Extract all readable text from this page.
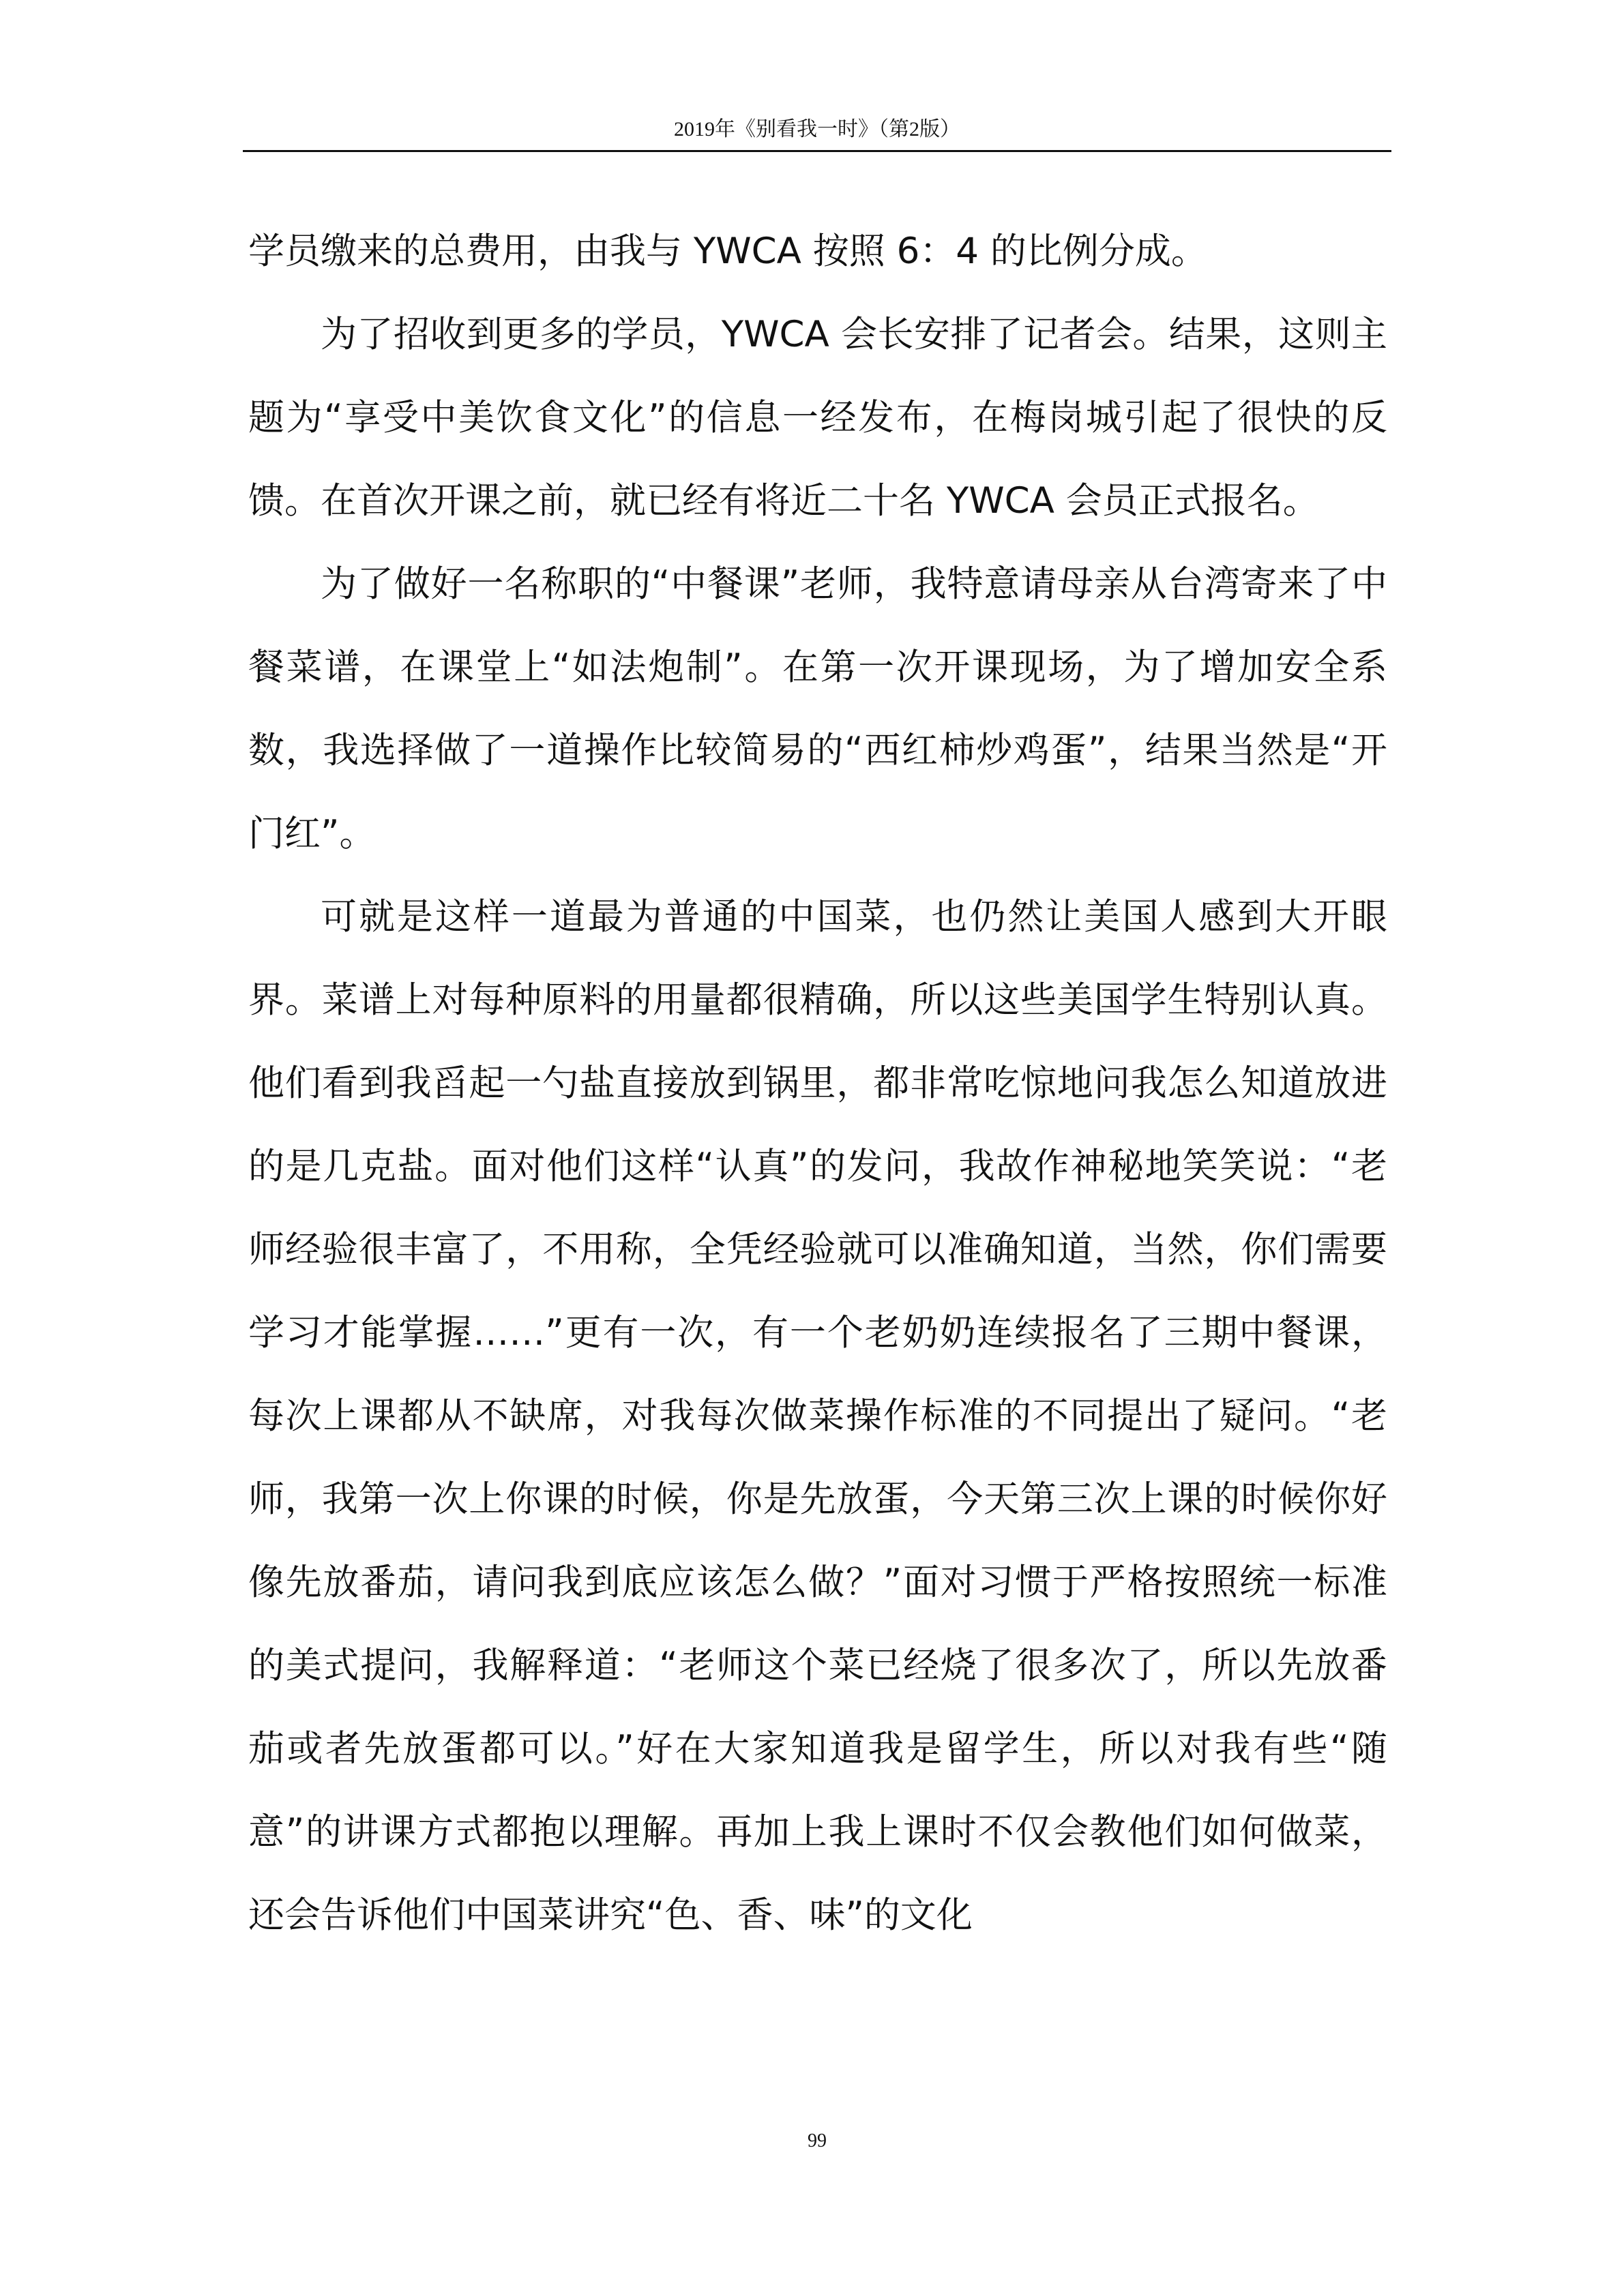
2019年《别看我一时》（第2版）

学员缴来的总费用，由我与 YWCA 按照 6：4 的比例分成。

为了招收到更多的学员，YWCA 会长安排了记者会。结果，这则主题为“享受中美饮食文化”的信息一经发布，在梅岗城引起了很快的反馈。在首次开课之前，就已经有将近二十名 YWCA 会员正式报名。

为了做好一名称职的“中餐课”老师，我特意请母亲从台湾寄来了中餐菜谱，在课堂上“如法炮制”。在第一次开课现场，为了增加安全系数，我选择做了一道操作比较简易的“西红柿炒鸡蛋”，结果当然是“开门红”。

可就是这样一道最为普通的中国菜，也仍然让美国人感到大开眼界。菜谱上对每种原料的用量都很精确，所以这些美国学生特别认真。他们看到我舀起一勺盐直接放到锅里，都非常吃惊地问我怎么知道放进的是几克盐。面对他们这样“认真”的发问，我故作神秘地笑笑说：“老师经验很丰富了，不用称，全凭经验就可以准确知道，当然，你们需要学习才能掌握……”更有一次，有一个老奶奶连续报名了三期中餐课，每次上课都从不缺席，对我每次做菜操作标准的不同提出了疑问。“老师，我第一次上你课的时候，你是先放蛋，今天第三次上课的时候你好像先放番茄，请问我到底应该怎么做？”面对习惯于严格按照统一标准的美式提问，我解释道：“老师这个菜已经烧了很多次了，所以先放番茄或者先放蛋都可以。”好在大家知道我是留学生，所以对我有些“随意”的讲课方式都抱以理解。再加上我上课时不仅会教他们如何做菜，还会告诉他们中国菜讲究“色、香、味”的文化

99
